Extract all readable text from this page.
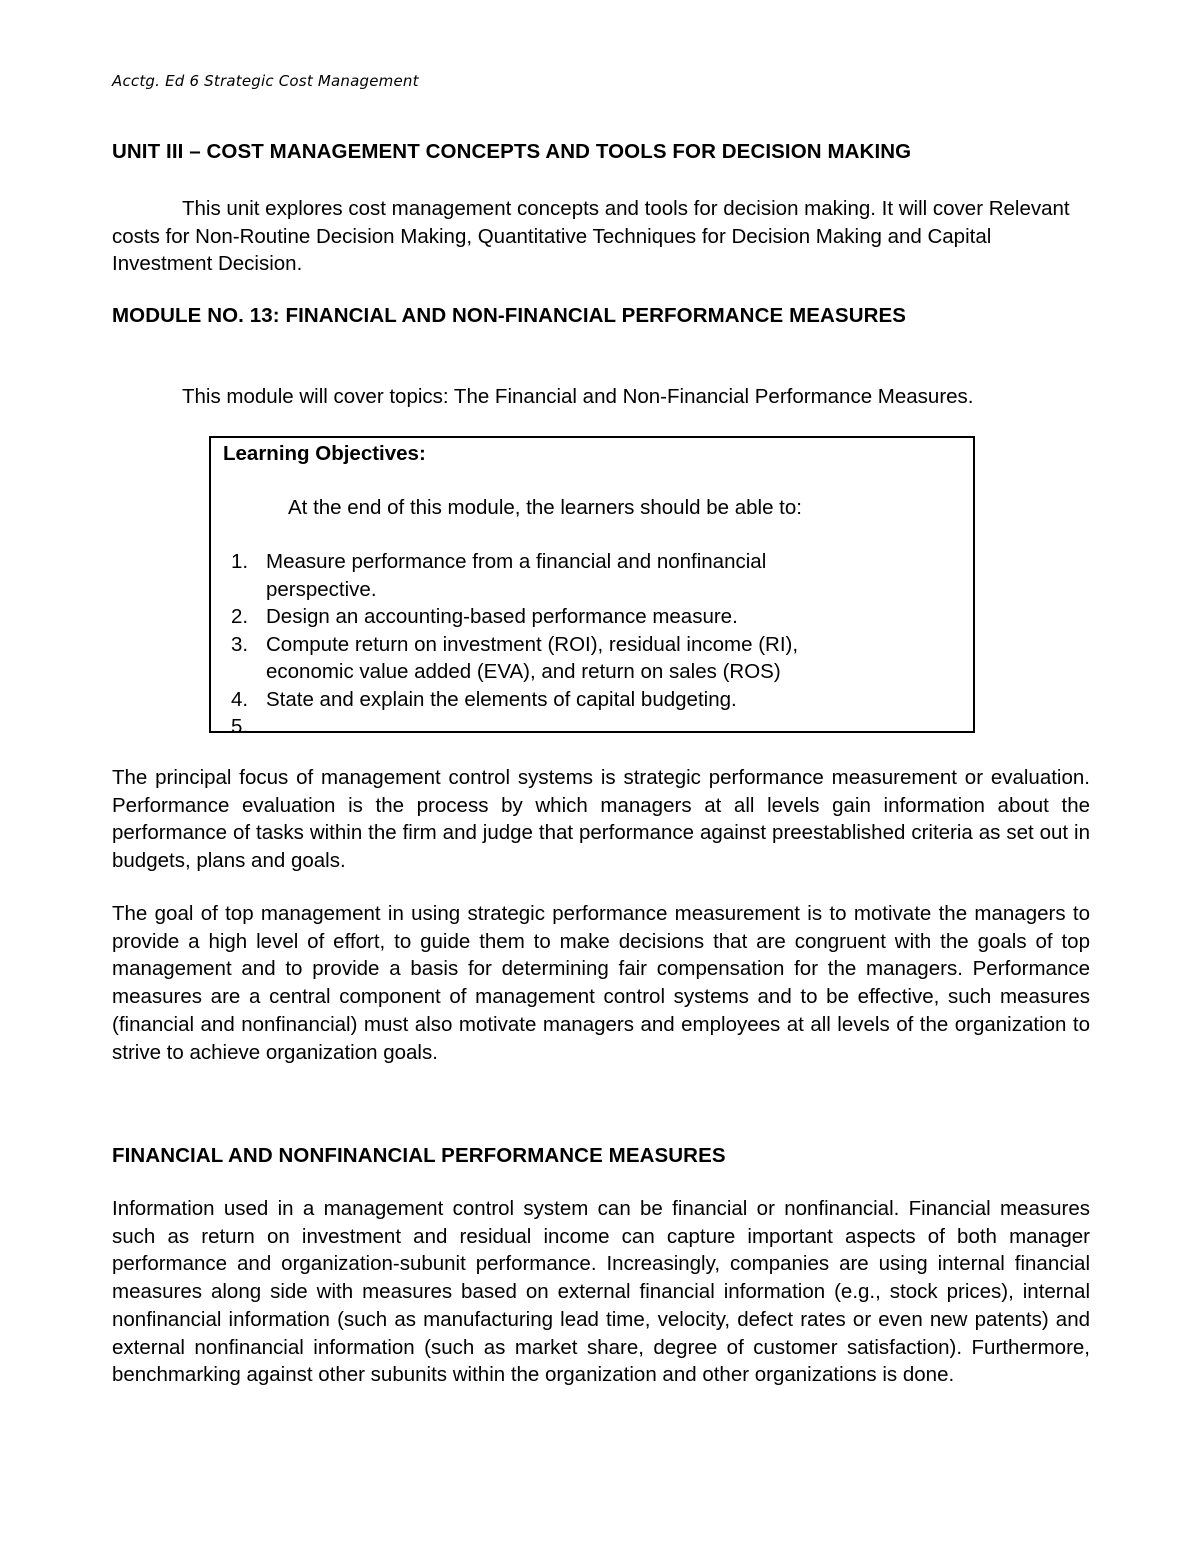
Acctg. Ed 6 Strategic Cost Management
UNIT III – COST MANAGEMENT CONCEPTS AND TOOLS FOR DECISION MAKING
This unit explores cost management concepts and tools for decision making. It will cover Relevant costs for Non-Routine Decision Making, Quantitative Techniques for Decision Making and Capital Investment Decision.
MODULE NO. 13: FINANCIAL AND NON-FINANCIAL PERFORMANCE MEASURES
This module will cover topics: The Financial and Non-Financial Performance Measures.
Learning Objectives:
At the end of this module, the learners should be able to:
1. Measure performance from a financial and nonfinancial perspective.
2. Design an accounting-based performance measure.
3. Compute return on investment (ROI), residual income (RI), economic value added (EVA), and return on sales (ROS)
4. State and explain the elements of capital budgeting.
5.
The principal focus of management control systems is strategic performance measurement or evaluation. Performance evaluation is the process by which managers at all levels gain information about the performance of tasks within the firm and judge that performance against preestablished criteria as set out in budgets, plans and goals.
The goal of top management in using strategic performance measurement is to motivate the managers to provide a high level of effort, to guide them to make decisions that are congruent with the goals of top management and to provide a basis for determining fair compensation for the managers. Performance measures are a central component of management control systems and to be effective, such measures (financial and nonfinancial) must also motivate managers and employees at all levels of the organization to strive to achieve organization goals.
FINANCIAL AND NONFINANCIAL PERFORMANCE MEASURES
Information used in a management control system can be financial or nonfinancial. Financial measures such as return on investment and residual income can capture important aspects of both manager performance and organization-subunit performance. Increasingly, companies are using internal financial measures along side with measures based on external financial information (e.g., stock prices), internal nonfinancial information (such as manufacturing lead time, velocity, defect rates or even new patents) and external nonfinancial information (such as market share, degree of customer satisfaction). Furthermore, benchmarking against other subunits within the organization and other organizations is done.
